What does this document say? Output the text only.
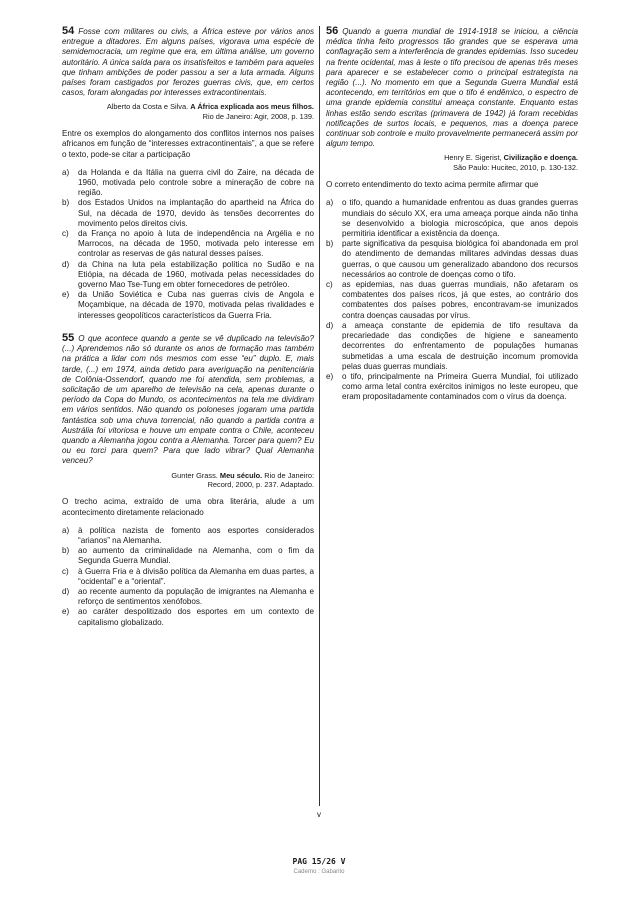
54 Fosse com militares ou civis, a África esteve por vários anos entregue a ditadores. Em alguns países, vigorava uma espécie de semidemocracia, um regime que era, em última análise, um governo autoritário. A única saída para os insatisfeitos e também para aqueles que tinham ambições de poder passou a ser a luta armada. Alguns países foram castigados por ferozes guerras civis, que, em certos casos, foram alongadas por interesses extracontinentais.

Alberto da Costa e Silva. A África explicada aos meus filhos.
Rio de Janeiro: Agir, 2008, p. 139.

Entre os exemplos do alongamento dos conflitos internos nos países africanos em função de “interesses extracontinentais”, a que se refere o texto, pode-se citar a participação

a) da Holanda e da Itália na guerra civil do Zaire, na década de 1960, motivada pelo controle sobre a mineração de cobre na região.
b) dos Estados Unidos na implantação do apartheid na África do Sul, na década de 1970, devido às tensões decorrentes do movimento pelos direitos civis.
c) da França no apoio à luta de independência na Argélia e no Marrocos, na década de 1950, motivada pelo interesse em controlar as reservas de gás natural desses países.
d) da China na luta pela estabilização política no Sudão e na Etiópia, na década de 1960, motivada pelas necessidades do governo Mao Tse-Tung em obter fornecedores de petróleo.
e) da União Soviética e Cuba nas guerras civis de Angola e Moçambique, na década de 1970, motivada pelas rivalidades e interesses geopolíticos característicos da Guerra Fria.

55 O que acontece quando a gente se vê duplicado na televisão? (...) Aprendemos não só durante os anos de formação mas também na prática a lidar com nós mesmos com esse “eu” duplo. E, mais tarde, (...) em 1974, ainda detido para averiguação na penitenciária de Colônia-Ossendorf, quando me foi atendida, sem problemas, a solicitação de um aparelho de televisão na cela, apenas durante o período da Copa do Mundo, os acontecimentos na tela me dividiram em vários sentidos. Não quando os poloneses jogaram uma partida fantástica sob uma chuva torrencial, não quando a partida contra a Austrália foi vitoriosa e houve um empate contra o Chile, aconteceu quando a Alemanha jogou contra a Alemanha. Torcer para quem? Eu ou eu torci para quem? Para que lado vibrar? Qual Alemanha venceu?

Gunter Grass. Meu século. Rio de Janeiro:
Record, 2000, p. 237. Adaptado.

O trecho acima, extraído de uma obra literária, alude a um acontecimento diretamente relacionado

a) à política nazista de fomento aos esportes considerados “arianos” na Alemanha.
b) ao aumento da criminalidade na Alemanha, com o fim da Segunda Guerra Mundial.
c) à Guerra Fria e à divisão política da Alemanha em duas partes, a “ocidental” e a “oriental”.
d) ao recente aumento da população de imigrantes na Alemanha e reforço de sentimentos xenófobos.
e) ao caráter despolitizado dos esportes em um contexto de capitalismo globalizado.

56 Quando a guerra mundial de 1914-1918 se iniciou, a ciência médica tinha feito progressos tão grandes que se esperava uma conflagração sem a interferência de grandes epidemias. Isso sucedeu na frente ocidental, mas à leste o tifo precisou de apenas três meses para aparecer e se estabelecer como o principal estrategista na região (...). No momento em que a Segunda Guerra Mundial está acontecendo, em territórios em que o tifo é endêmico, o espectro de uma grande epidemia constitui ameaça constante. Enquanto estas linhas estão sendo escritas (primavera de 1942) já foram recebidas notificações de surtos locais, e pequenos, mas a doença parece continuar sob controle e muito provavelmente permanecerá assim por algum tempo.

Henry E. Sigerist, Civilização e doença.
São Paulo: Hucitec, 2010, p. 130-132.

O correto entendimento do texto acima permite afirmar que

a) o tifo, quando a humanidade enfrentou as duas grandes guerras mundiais do século XX, era uma ameaça porque ainda não tinha se desenvolvido a biologia microscópica, que anos depois permitiria identificar a existência da doença.
b) parte significativa da pesquisa biológica foi abandonada em prol do atendimento de demandas militares advindas dessas duas guerras, o que causou um generalizado abandono dos recursos necessários ao controle de doenças como o tifo.
c) as epidemias, nas duas guerras mundiais, não afetaram os combatentes dos países ricos, já que estes, ao contrário dos combatentes dos países pobres, encontravam-se imunizados contra doenças causadas por vírus.
d) a ameaça constante de epidemia de tifo resultava da precariedade das condições de higiene e saneamento decorrentes do enfrentamento de populações humanas submetidas a uma escala de destruição incomum promovida pelas duas guerras mundiais.
e) o tifo, principalmente na Primeira Guerra Mundial, foi utilizado como arma letal contra exércitos inimigos no leste europeu, que eram propositadamente contaminados com o vírus da doença.
v
PAG 15/26 V
Caderno : Gabarito
